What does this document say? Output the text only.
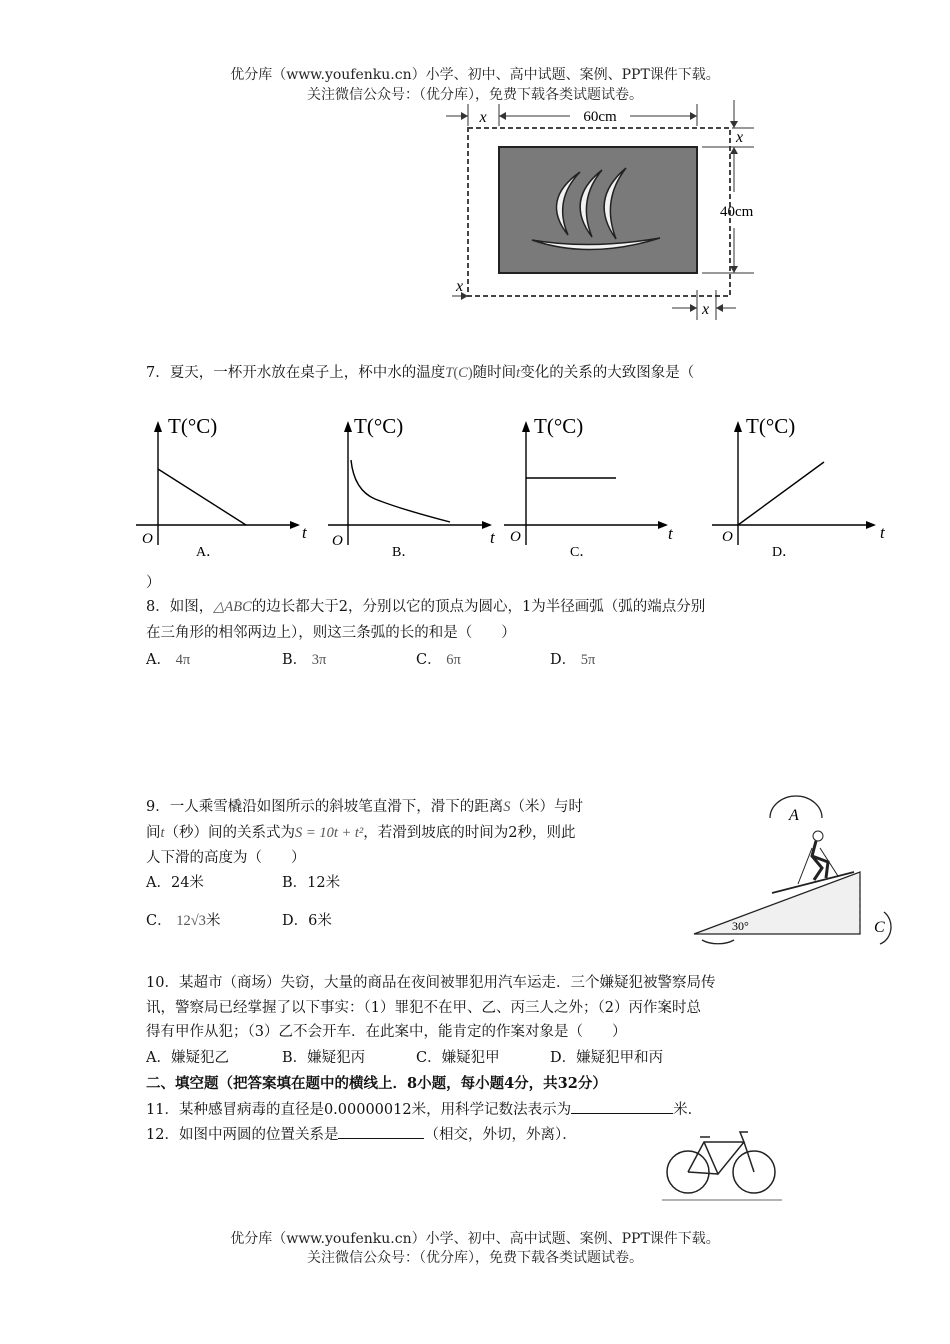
优分库（www.youfenku.cn）小学、初中、高中试题、案例、PPT课件下载。
关注微信公众号：（优分库），免费下载各类试题试卷。
x	60cm
x
40cm
x
x
7．夏天，一杯开水放在桌子上，杯中水的温度T(C)随时间t变化的关系的大致图象是（
T(°C)
t
O
A．
T(°C)
t
O
B．
T(°C)
t
O
C．
T(°C)
t
O
D．
）
8．如图，△ABC的边长都大于2，分别以它的顶点为圆心，1为半径画弧（弧的端点分别
在三角形的相邻两边上），则这三条弧的长的和是（　　）
A． 4π	B． 3π	C． 6π	D． 5π
9．一人乘雪橇沿如图所示的斜坡笔直滑下，滑下的距离S（米）与时
间t（秒）间的关系式为S = 10t + t²，若滑到坡底的时间为2秒，则此
人下滑的高度为（　　）
A．24米	B．12米
C． 12√3米	D．6米
A
C
30°
10．某超市（商场）失窃，大量的商品在夜间被罪犯用汽车运走．三个嫌疑犯被警察局传
讯，警察局已经掌握了以下事实：（1）罪犯不在甲、乙、丙三人之外；（2）丙作案时总
得有甲作从犯；（3）乙不会开车．在此案中，能肯定的作案对象是（　　）
A．嫌疑犯乙	B．嫌疑犯丙	C．嫌疑犯甲	D．嫌疑犯甲和丙
二、填空题（把答案填在题中的横线上．8小题，每小题4分，共32分）
11．某种感冒病毒的直径是0.00000012米，用科学记数法表示为	米．
12．如图中两圆的位置关系是	（相交，外切，外离）．
优分库（www.youfenku.cn）小学、初中、高中试题、案例、PPT课件下载。
关注微信公众号：（优分库），免费下载各类试题试卷。
